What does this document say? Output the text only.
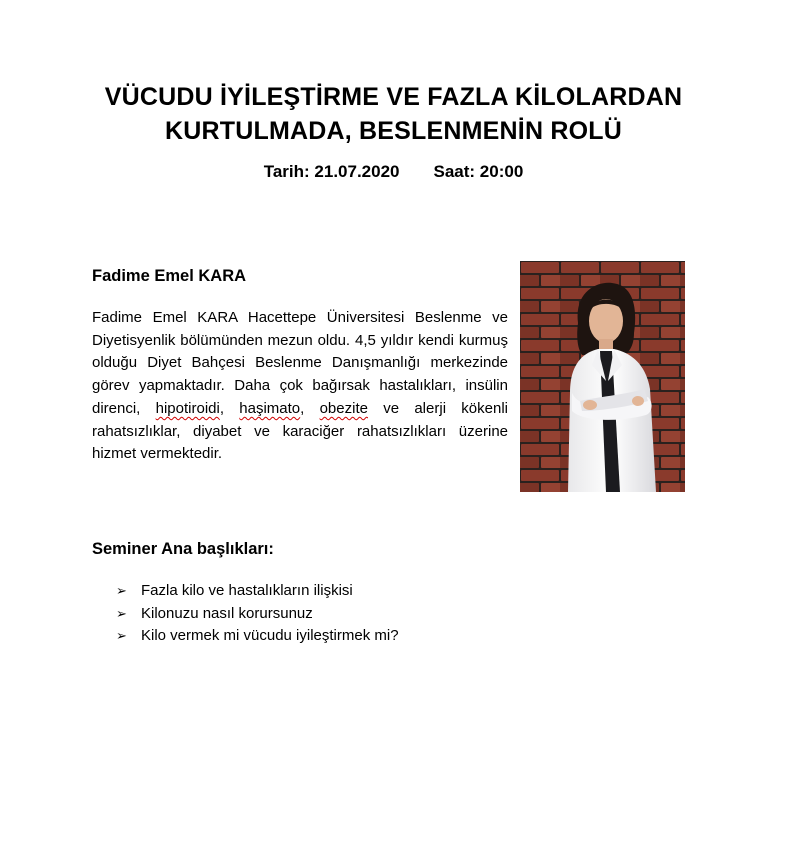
VÜCUDU İYİLEŞTİRME VE FAZLA KİLOLARDAN
KURTULMADA, BESLENMENİN ROLÜ
Tarih: 21.07.2020 Saat: 20:00
Fadime Emel KARA
Fadime Emel KARA Hacettepe Üniversitesi Beslenme ve Diyetisyenlik bölümünden mezun oldu. 4,5 yıldır kendi kurmuş olduğu Diyet Bahçesi Beslenme Danışmanlığı merkezinde görev yapmaktadır. Daha çok bağırsak hastalıkları, insülin direnci, hipotiroidi, haşimato, obezite ve alerji kökenli rahatsızlıklar, diyabet ve karaciğer rahatsızlıkları üzerine hizmet vermektedir.
Seminer Ana başlıkları:
➢ Fazla kilo ve hastalıkların ilişkisi
➢ Kilonuzu nasıl korursunuz
➢ Kilo vermek mi vücudu iyileştirmek mi?
